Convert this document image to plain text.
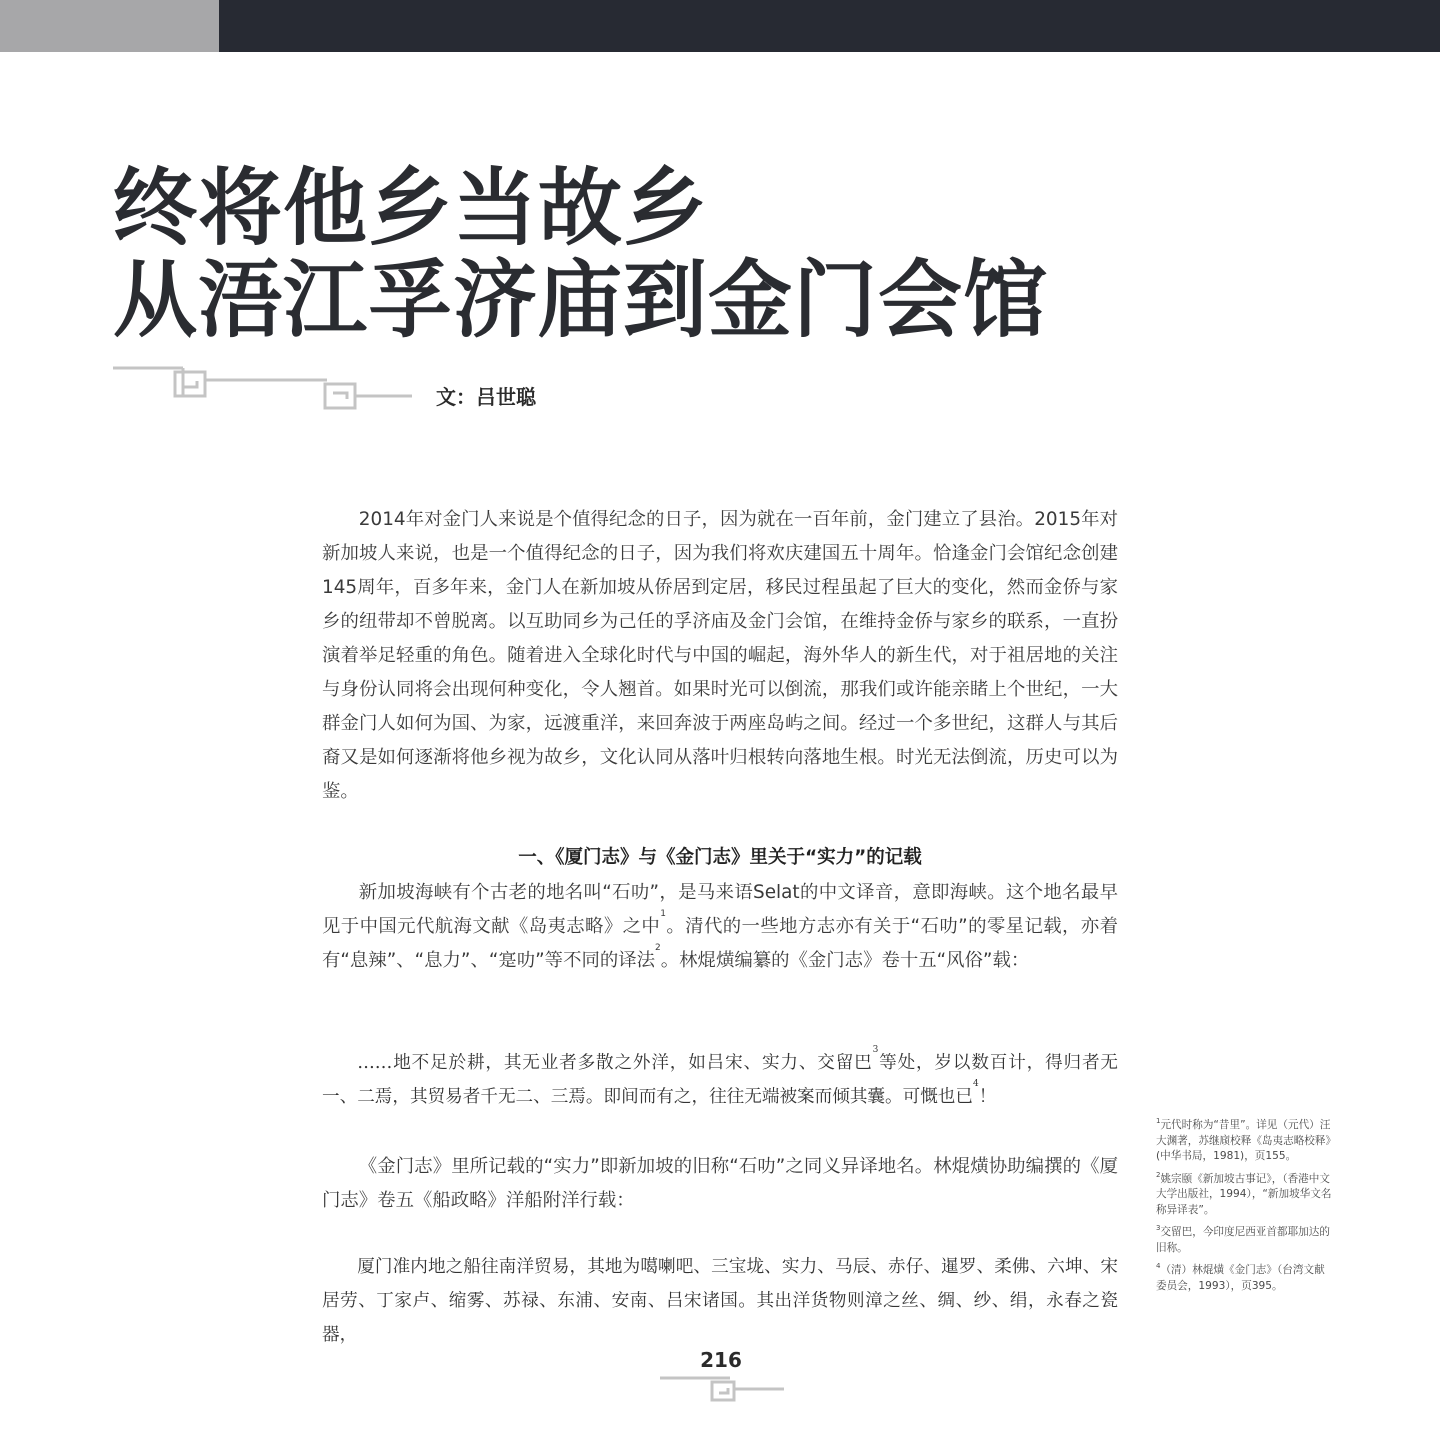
终将他乡当故乡
从浯江孚济庙到金门会馆
文：吕世聪

2014年对金门人来说是个值得纪念的日子，因为就在一百年前，金门建立了县治。2015年对新加坡人来说，也是一个值得纪念的日子，因为我们将欢庆建国五十周年。恰逢金门会馆纪念创建145周年，百多年来，金门人在新加坡从侨居到定居，移民过程虽起了巨大的变化，然而金侨与家乡的纽带却不曾脱离。以互助同乡为己任的孚济庙及金门会馆，在维持金侨与家乡的联系，一直扮演着举足轻重的角色。随着进入全球化时代与中国的崛起，海外华人的新生代，对于祖居地的关注与身份认同将会出现何种变化，令人翘首。如果时光可以倒流，那我们或许能亲睹上个世纪，一大群金门人如何为国、为家，远渡重洋，来回奔波于两座岛屿之间。经过一个多世纪，这群人与其后裔又是如何逐渐将他乡视为故乡，文化认同从落叶归根转向落地生根。时光无法倒流，历史可以为鉴。

一、《厦门志》与《金门志》里关于“实力”的记载

新加坡海峡有个古老的地名叫“石叻”，是马来语Selat的中文译音，意即海峡。这个地名最早见于中国元代航海文献《岛夷志略》之中$^1$。清代的一些地方志亦有关于“石叻”的零星记载，亦着有“息辣”、“息力”、“寔叻”等不同的译法$^2$。林焜熿编纂的《金门志》卷十五“风俗”载：

……地不足於耕，其无业者多散之外洋，如吕宋、实力、交留巴$^3$等处，岁以数百计，得归者无一、二焉，其贸易者千无二、三焉。即间而有之，往往无端被案而倾其囊。可慨也已$^4$！

《金门志》里所记载的“实力”即新加坡的旧称“石叻”之同义异译地名。林焜熿协助编撰的《厦门志》卷五《船政略》洋船附洋行载：

厦门准内地之船往南洋贸易，其地为噶喇吧、三宝垅、实力、马辰、赤仔、暹罗、柔佛、六坤、宋居劳、丁家卢、缩雾、苏禄、东浦、安南、吕宋诸国。其出洋货物则漳之丝、绸、纱、绢，永春之瓷器，

$^1$元代时称为“昔里”。详见（元代）汪大渊著，苏继庼校释《岛夷志略校释》(中华书局，1981)，页155。

$^2$姚宗颐《新加坡古事记》，（香港中文大学出版社，1994），“新加坡华文名称异译表”。

$^3$交留巴，今印度尼西亚首都耶加达的旧称。

$^4$（清）林焜熿《金门志》（台湾文献委员会，1993），页395。

216
